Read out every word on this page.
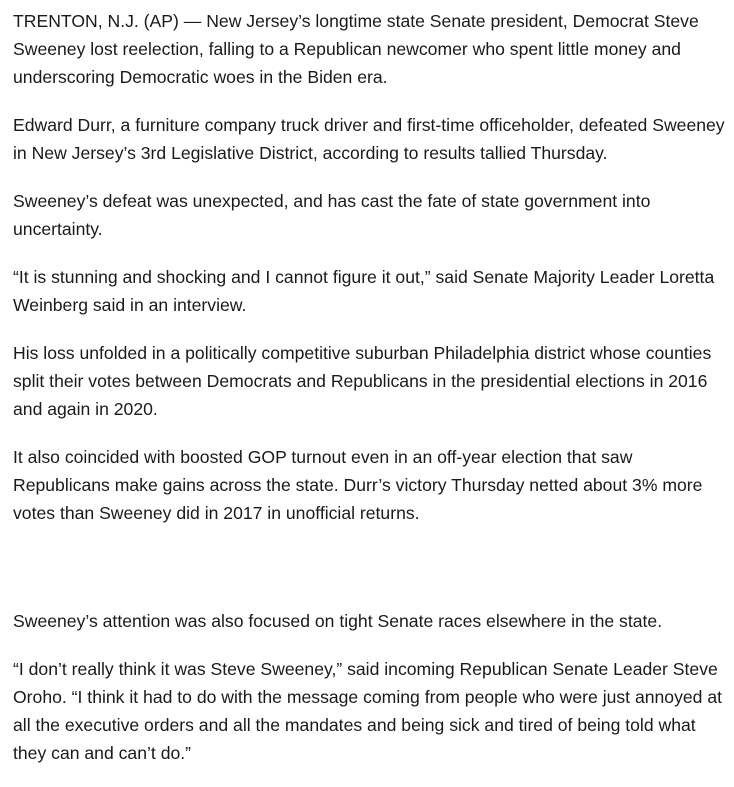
TRENTON, N.J. (AP) — New Jersey’s longtime state Senate president, Democrat Steve Sweeney lost reelection, falling to a Republican newcomer who spent little money and underscoring Democratic woes in the Biden era.

Edward Durr, a furniture company truck driver and first-time officeholder, defeated Sweeney in New Jersey’s 3rd Legislative District, according to results tallied Thursday.

Sweeney’s defeat was unexpected, and has cast the fate of state government into uncertainty.

“It is stunning and shocking and I cannot figure it out,” said Senate Majority Leader Loretta Weinberg said in an interview.

His loss unfolded in a politically competitive suburban Philadelphia district whose counties split their votes between Democrats and Republicans in the presidential elections in 2016 and again in 2020.

It also coincided with boosted GOP turnout even in an off-year election that saw Republicans make gains across the state. Durr’s victory Thursday netted about 3% more votes than Sweeney did in 2017 in unofficial returns.

Sweeney’s attention was also focused on tight Senate races elsewhere in the state.

“I don’t really think it was Steve Sweeney,” said incoming Republican Senate Leader Steve Oroho. “I think it had to do with the message coming from people who were just annoyed at all the executive orders and all the mandates and being sick and tired of being told what they can and can’t do.”
